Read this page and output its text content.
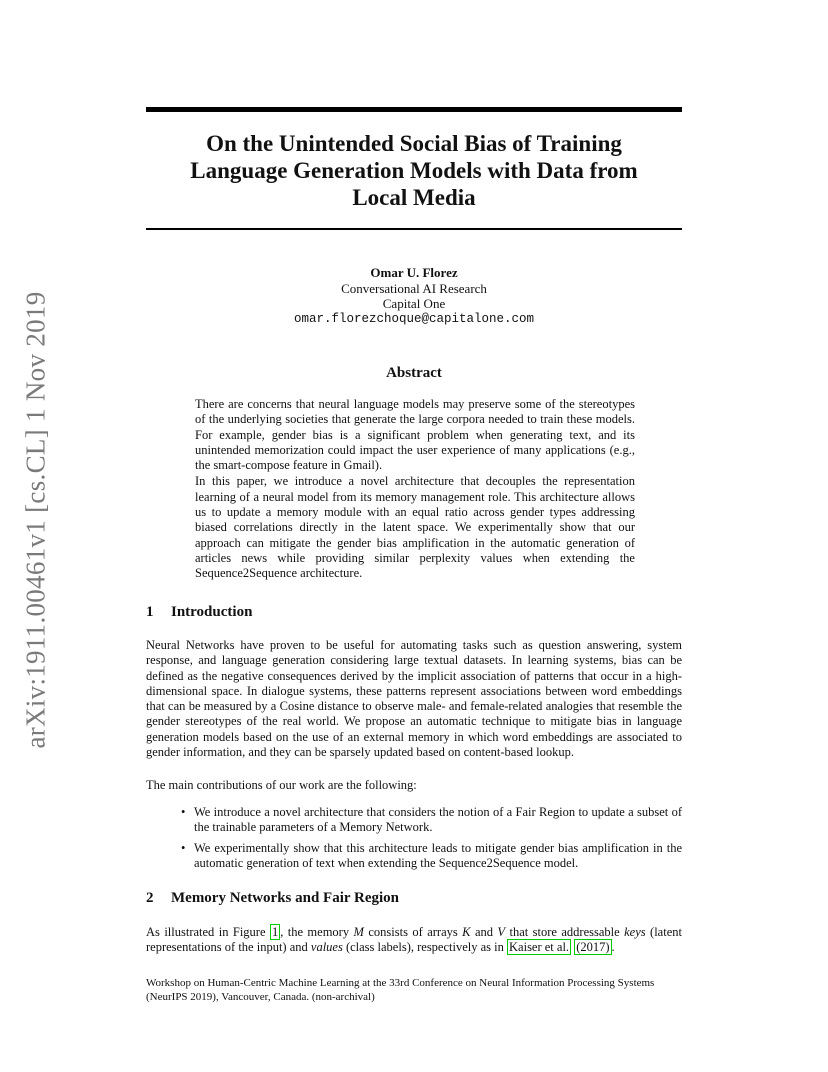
arXiv:1911.00461v1 [cs.CL] 1 Nov 2019
On the Unintended Social Bias of Training
Language Generation Models with Data from
Local Media
Omar U. Florez
Conversational AI Research
Capital One
omar.florezchoque@capitalone.com
Abstract

There are concerns that neural language models may preserve some of the stereotypes of the underlying societies that generate the large corpora needed to train these models. For example, gender bias is a significant problem when generating text, and its unintended memorization could impact the user experience of many applications (e.g., the smart-compose feature in Gmail).

In this paper, we introduce a novel architecture that decouples the representation learning of a neural model from its memory management role. This architecture allows us to update a memory module with an equal ratio across gender types addressing biased correlations directly in the latent space. We experimentally show that our approach can mitigate the gender bias amplification in the automatic generation of articles news while providing similar perplexity values when extending the Sequence2Sequence architecture.

1 Introduction

Neural Networks have proven to be useful for automating tasks such as question answering, system response, and language generation considering large textual datasets. In learning systems, bias can be defined as the negative consequences derived by the implicit association of patterns that occur in a high-dimensional space. In dialogue systems, these patterns represent associations between word embeddings that can be measured by a Cosine distance to observe male- and female-related analogies that resemble the gender stereotypes of the real world. We propose an automatic technique to mitigate bias in language generation models based on the use of an external memory in which word embeddings are associated to gender information, and they can be sparsely updated based on content-based lookup.

The main contributions of our work are the following:

• We introduce a novel architecture that considers the notion of a Fair Region to update a subset of the trainable parameters of a Memory Network.
• We experimentally show that this architecture leads to mitigate gender bias amplification in the automatic generation of text when extending the Sequence2Sequence model.
2 Memory Networks and Fair Region

As illustrated in Figure 1 , the memory M consists of arrays K and V that store addressable keys (latent representations of the input) and values (class labels), respectively as in Kaiser et al. (2017) .

Workshop on Human-Centric Machine Learning at the 33rd Conference on Neural Information Processing Systems (NeurIPS 2019), Vancouver, Canada. (non-archival)
